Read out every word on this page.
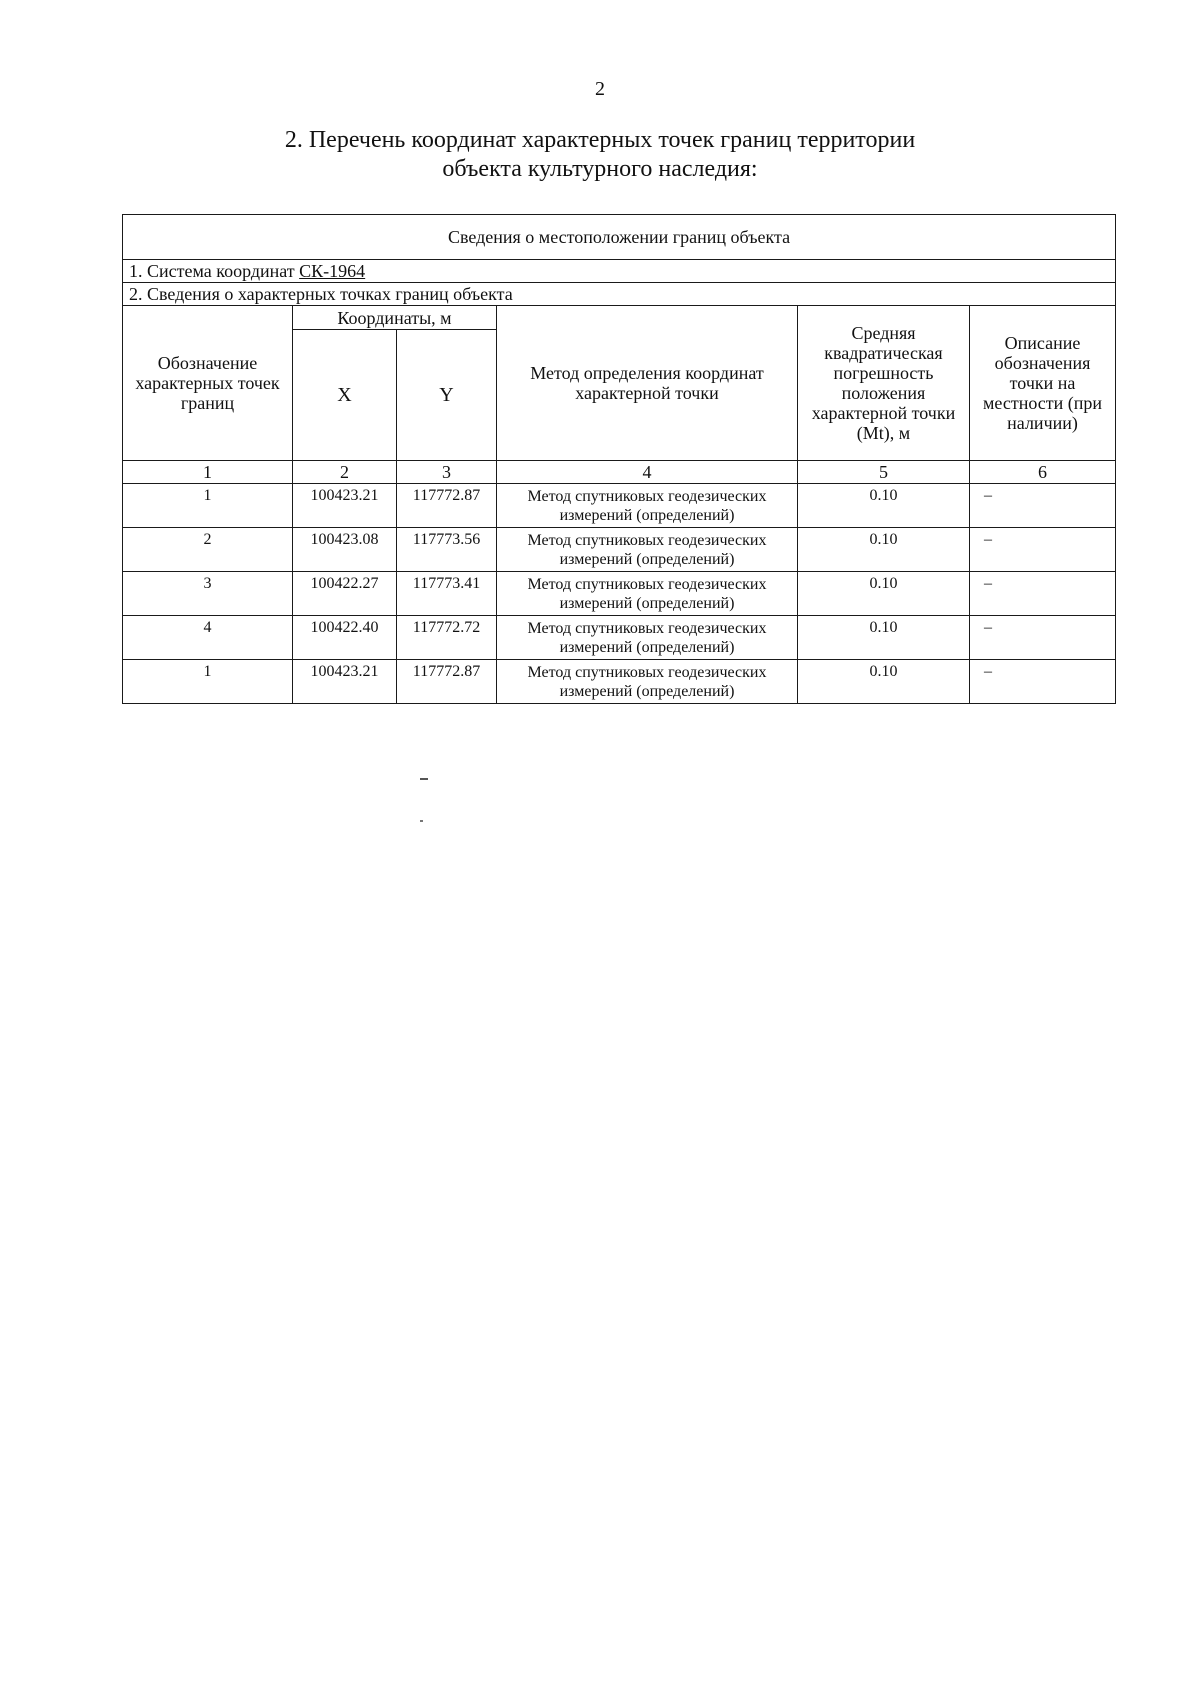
2
2. Перечень координат характерных точек границ территории
объекта культурного наследия:
Сведения о местоположении границ объекта					
1. Система координат СК-1964					
2. Сведения о характерных точках границ объекта					
Обозначение характерных точек границ	Координаты, м		Метод определения координат характерной точки	Средняя квадратическая погрешность положения характерной точки (Mt), м	Описание обозначения точки на местности (при наличии)
	X	Y			
1	2	3	4	5	6
1	100423.21	117772.87	Метод спутниковых геодезических измерений (определений)	0.10	–
2	100423.08	117773.56	Метод спутниковых геодезических измерений (определений)	0.10	–
3	100422.27	117773.41	Метод спутниковых геодезических измерений (определений)	0.10	–
4	100422.40	117772.72	Метод спутниковых геодезических измерений (определений)	0.10	–
1	100423.21	117772.87	Метод спутниковых геодезических измерений (определений)	0.10	–
